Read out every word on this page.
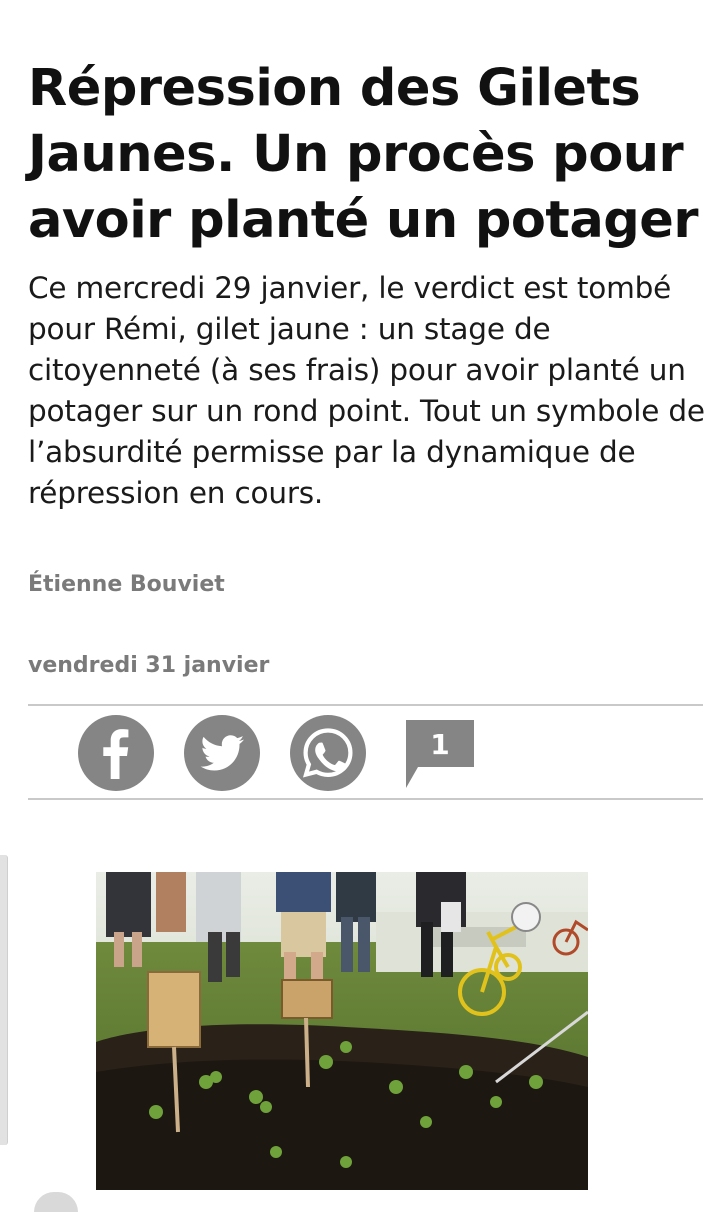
Répression des Gilets Jaunes. Un procès pour avoir planté un potager

Ce mercredi 29 janvier, le verdict est tombé pour Rémi, gilet jaune : un stage de citoyenneté (à ses frais) pour avoir planté un potager sur un rond point. Tout un symbole de l’absurdité permisse par la dynamique de répression en cours.

Étienne Bouviet
vendredi 31 janvier
1
